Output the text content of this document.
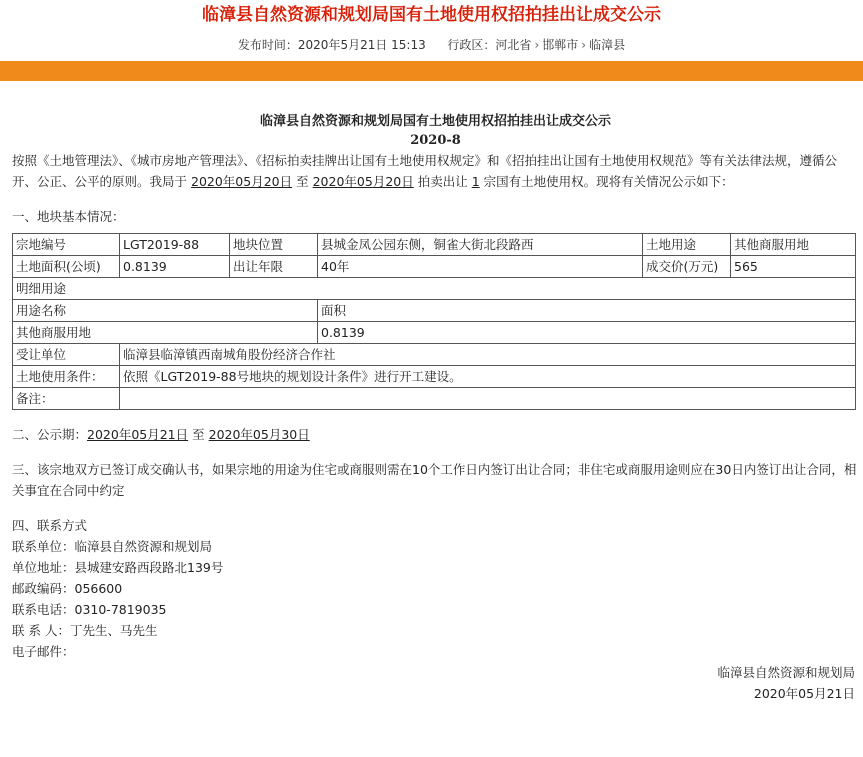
临漳县自然资源和规划局国有土地使用权招拍挂出让成交公示
发布时间：2020年5月21日 15:13 行政区：河北省 › 邯郸市 › 临漳县
临漳县自然资源和规划局国有土地使用权招拍挂出让成交公示
2020-8

按照《土地管理法》、《城市房地产管理法》、《招标拍卖挂牌出让国有土地使用权规定》和《招拍挂出让国有土地使用权规范》等有关法律法规，遵循公开、公正、公平的原则。我局于 2020年05月20日 至 2020年05月20日 拍卖出让 1 宗国有土地使用权。现将有关情况公示如下：

一、地块基本情况：

宗地编号	LGT2019-88	地块位置	县城金凤公园东侧，铜雀大街北段路西	土地用途	其他商服用地
土地面积(公顷)	0.8139	出让年限	40年	成交价(万元)	565
明细用途					
用途名称			面积		
其他商服用地			0.8139		
受让单位	临漳县临漳镇西南城角股份经济合作社				
土地使用条件：	依照《LGT2019-88号地块的规划设计条件》进行开工建设。				
备注：					

二、公示期：2020年05月21日 至 2020年05月30日

三、该宗地双方已签订成交确认书，如果宗地的用途为住宅或商服则需在10个工作日内签订出让合同；非住宅或商服用途则应在30日内签订出让合同，相关事宜在合同中约定

四、联系方式

联系单位：临漳县自然资源和规划局

单位地址：县城建安路西段路北139号

邮政编码：056600

联系电话：0310-7819035

联 系 人：丁先生、马先生

电子邮件：

临漳县自然资源和规划局

2020年05月21日
